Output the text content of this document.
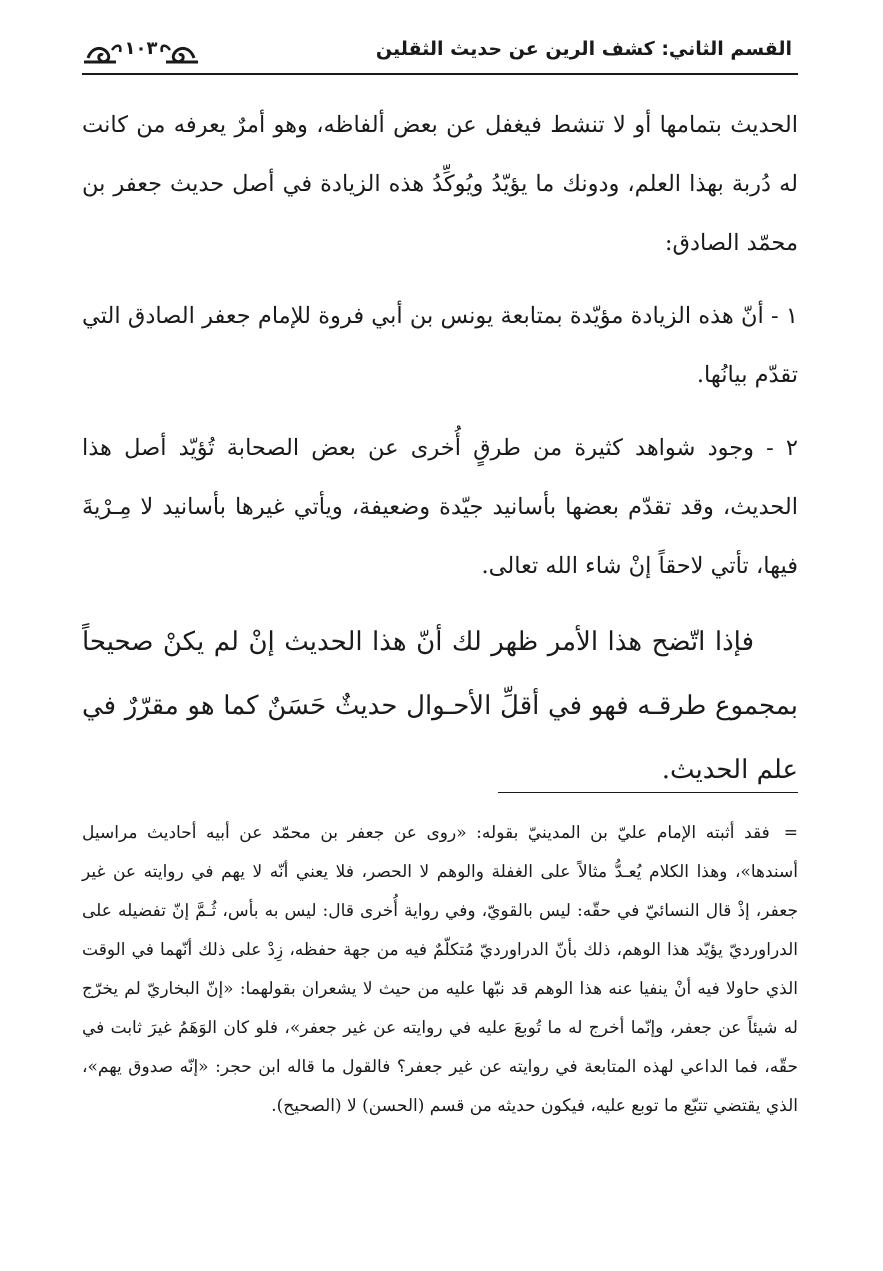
القسم الثاني: كشف الرين عن حديث الثقلين
١٠٣

الحديث بتمامها أو لا تنشط فيغفل عن بعض ألفاظه، وهو أمرٌ يعرفه من كانت له دُربة بهذا العلم، ودونك ما يؤيّدُ ويُوكِّدُ هذه الزيادة في أصل حديث جعفر بن محمّد الصادق:

١ - أنّ هذه الزيادة مؤيّدة بمتابعة يونس بن أبي فروة للإمام جعفر الصادق التي تقدّم بيانُها.

٢ - وجود شواهد كثيرة من طرقٍ أُخرى عن بعض الصحابة تُؤيّد أصل هذا الحديث، وقد تقدّم بعضها بأسانيد جيّدة وضعيفة، ويأتي غيرها بأسانيد لا مِـرْيةَ فيها، تأتي لاحقاً إنْ شاء الله تعالى.

فإذا اتّضح هذا الأمر ظهر لك أنّ هذا الحديث إنْ لم يكنْ صحيحاً بمجموع طرقـه فهو في أقلِّ الأحـوال حديثٌ حَسَنٌ كما هو مقرّرٌ في علم الحديث.

=فقد أثبته الإمام عليّ بن المدينيّ بقوله: «روى عن جعفر بن محمّد عن أبيه أحاديث مراسيل أسندها»، وهذا الكلام يُعـدُّ مثالاً على الغفلة والوهم لا الحصر، فلا يعني أنّه لا يهم في روايته عن غير جعفر، إذْ قال النسائيّ في حقّه: ليس بالقويّ، وفي رواية أُخرى قال: ليس به بأس، ثُـمَّ إنّ تفضيله على الدراورديّ يؤيّد هذا الوهم، ذلك بأنّ الدراورديّ مُتكلّمٌ فيه من جهة حفظه، زِدْ على ذلك أنّهما في الوقت الذي حاولا فيه أنْ ينفيا عنه هذا الوهم قد نبّها عليه من حيث لا يشعران بقولهما: «إنّ البخاريّ لم يخرّج له شيئاً عن جعفر، وإنّما أخرج له ما تُوبعَ عليه في روايته عن غير جعفر»، فلو كان الوَهَمُ غيرَ ثابت في حقّه، فما الداعي لهذه المتابعة في روايته عن غير جعفر؟ فالقول ما قاله ابن حجر: «إنّه صدوق يهم»، الذي يقتضي تتبّع ما توبع عليه، فيكون حديثه من قسم (الحسن) لا (الصحيح).
